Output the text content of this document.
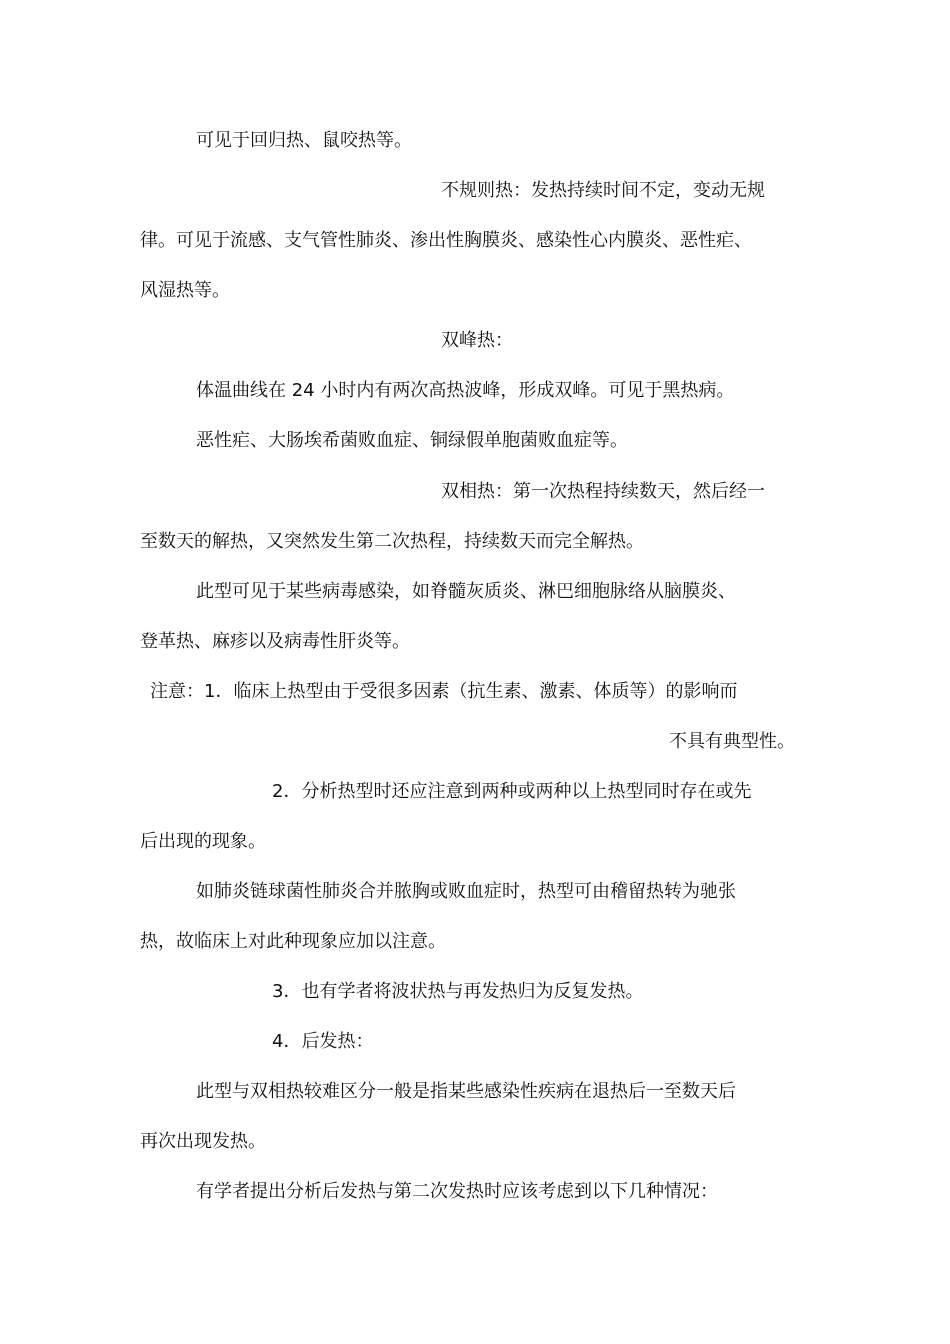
可见于回归热、鼠咬热等。
不规则热：发热持续时间不定，变动无规
律。可见于流感、支气管性肺炎、渗出性胸膜炎、感染性心内膜炎、恶性疟、
风湿热等。
双峰热：
体温曲线在 24 小时内有两次高热波峰，形成双峰。可见于黑热病。
恶性疟、大肠埃希菌败血症、铜绿假单胞菌败血症等。
双相热：第一次热程持续数天，然后经一
至数天的解热，又突然发生第二次热程，持续数天而完全解热。
此型可见于某些病毒感染，如脊髓灰质炎、淋巴细胞脉络从脑膜炎、
登革热、麻疹以及病毒性肝炎等。
注意：1．临床上热型由于受很多因素（抗生素、激素、体质等）的影响而
不具有典型性。
2．分析热型时还应注意到两种或两种以上热型同时存在或先
后出现的现象。
如肺炎链球菌性肺炎合并脓胸或败血症时，热型可由稽留热转为驰张
热，故临床上对此种现象应加以注意。
3．也有学者将波状热与再发热归为反复发热。
4．后发热：
此型与双相热较难区分一般是指某些感染性疾病在退热后一至数天后
再次出现发热。
有学者提出分析后发热与第二次发热时应该考虑到以下几种情况：
